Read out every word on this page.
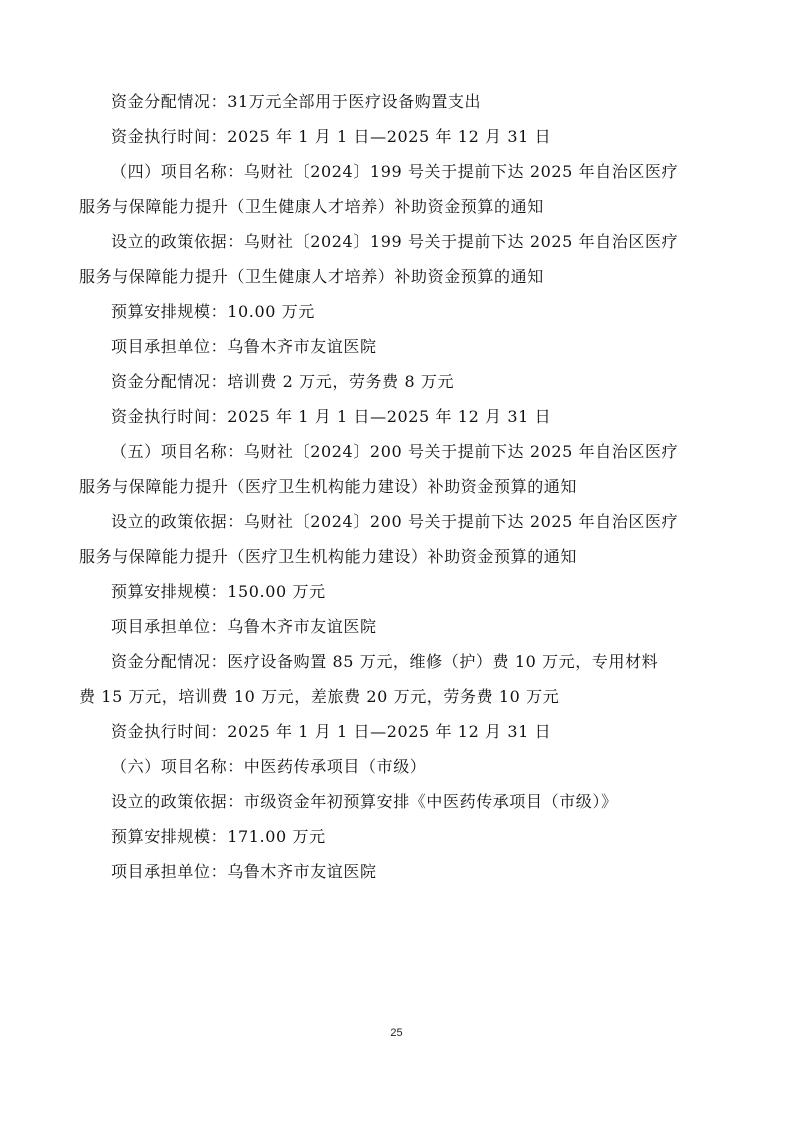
资金分配情况：31万元全部用于医疗设备购置支出
资金执行时间：2025 年 1 月 1 日—2025 年 12 月 31 日
（四）项目名称：乌财社〔2024〕199 号关于提前下达 2025 年自治区医疗
服务与保障能力提升（卫生健康人才培养）补助资金预算的通知
设立的政策依据：乌财社〔2024〕199 号关于提前下达 2025 年自治区医疗
服务与保障能力提升（卫生健康人才培养）补助资金预算的通知
预算安排规模：10.00 万元
项目承担单位：乌鲁木齐市友谊医院
资金分配情况：培训费 2 万元，劳务费 8 万元
资金执行时间：2025 年 1 月 1 日—2025 年 12 月 31 日
（五）项目名称：乌财社〔2024〕200 号关于提前下达 2025 年自治区医疗
服务与保障能力提升（医疗卫生机构能力建设）补助资金预算的通知
设立的政策依据：乌财社〔2024〕200 号关于提前下达 2025 年自治区医疗
服务与保障能力提升（医疗卫生机构能力建设）补助资金预算的通知
预算安排规模：150.00 万元
项目承担单位：乌鲁木齐市友谊医院
资金分配情况：医疗设备购置 85 万元，维修（护）费 10 万元，专用材料
费 15 万元，培训费 10 万元，差旅费 20 万元，劳务费 10 万元
资金执行时间：2025 年 1 月 1 日—2025 年 12 月 31 日
（六）项目名称：中医药传承项目（市级）
设立的政策依据：市级资金年初预算安排《中医药传承项目（市级）》
预算安排规模：171.00 万元
项目承担单位：乌鲁木齐市友谊医院
25
